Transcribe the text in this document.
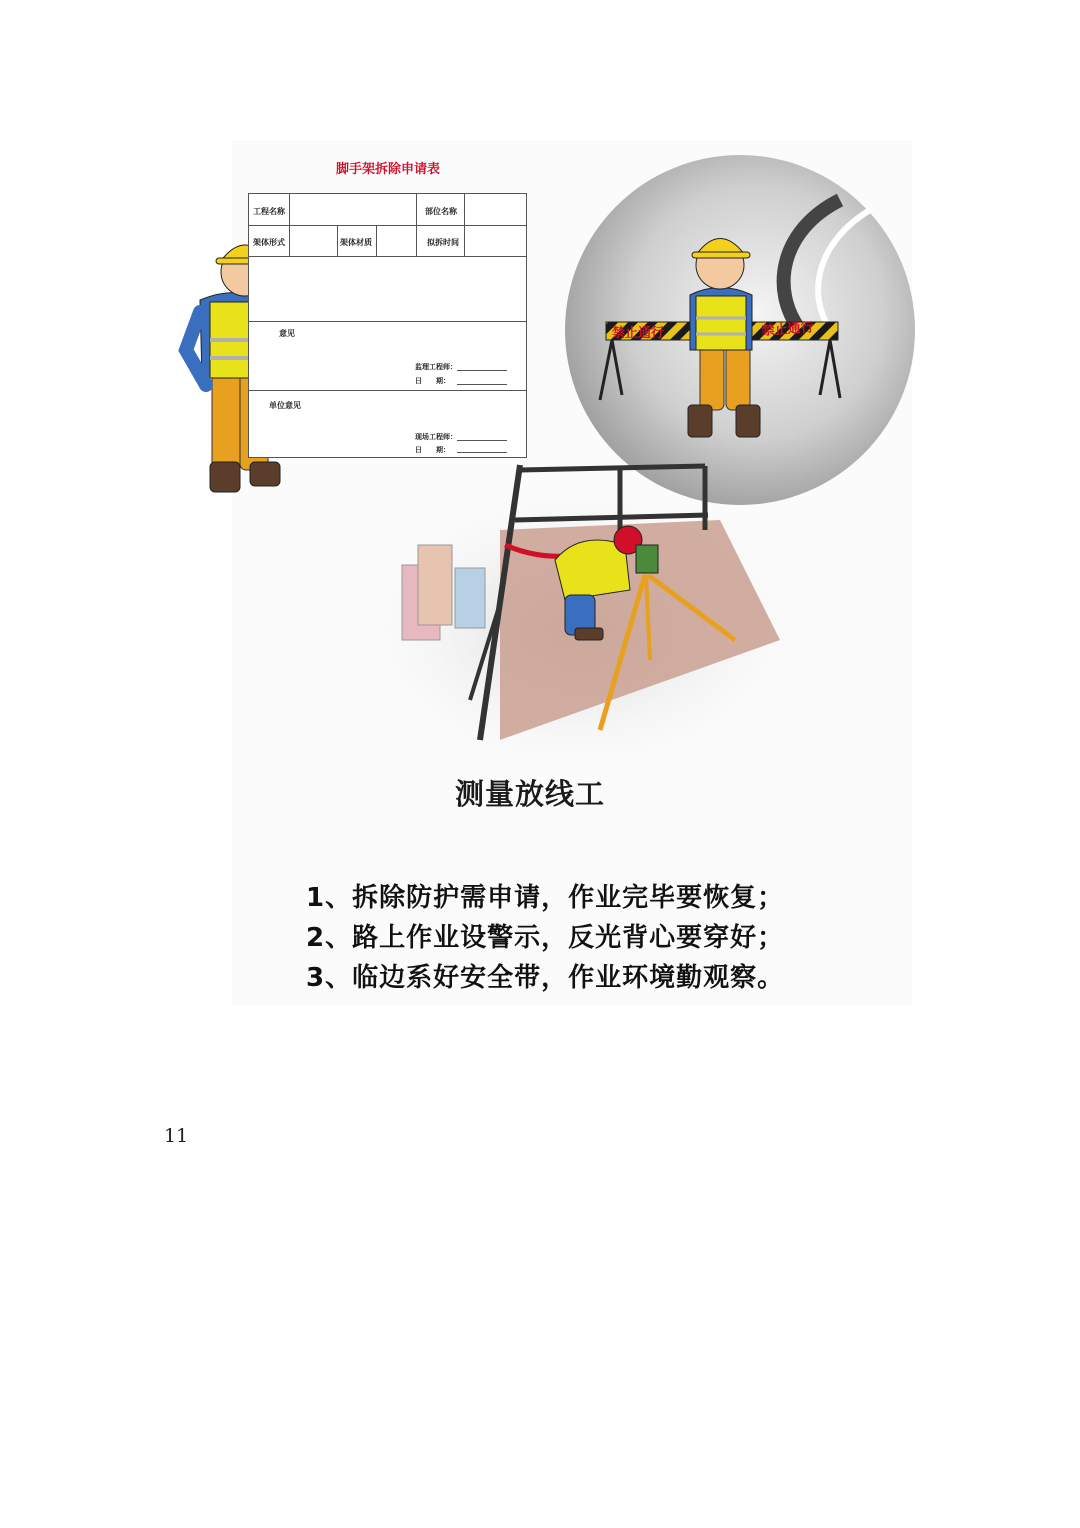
禁止通行	禁止通行
脚手架拆除申请表
工程名称	部位名称
架体形式	架体材质	拟拆时间
意见
监理工程师：
日　　期：
单位意见
现场工程师：
日　　期：
测量放线工
1、拆除防护需申请，作业完毕要恢复；
2、路上作业设警示，反光背心要穿好；
3、临边系好安全带，作业环境勤观察。
11
